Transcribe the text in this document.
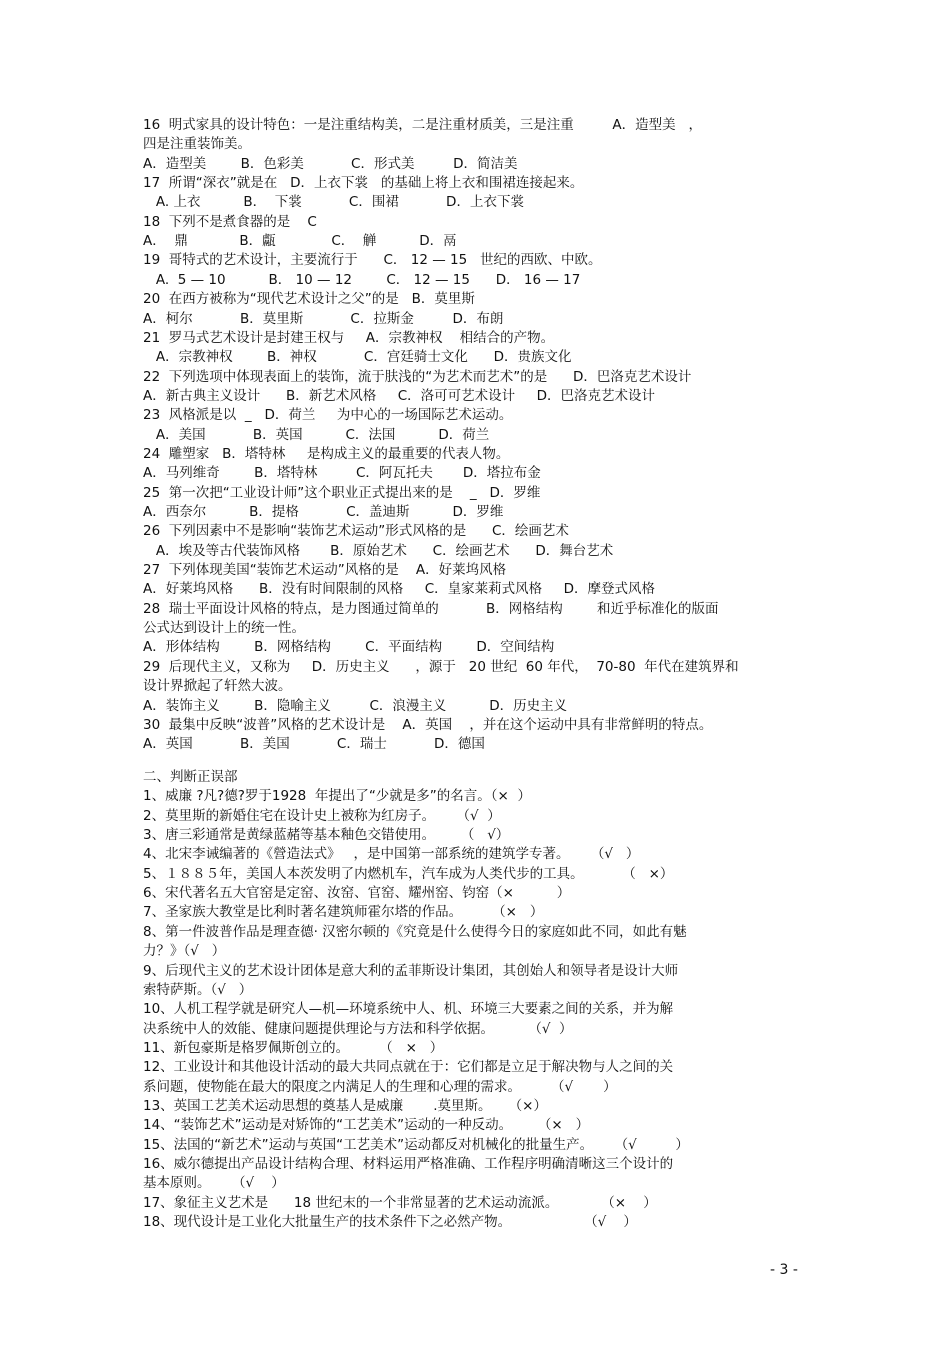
16  明式家具的设计特色：一是注重结构美，二是注重材质美，三是注重         A．造型美   ，
四是注重装饰美。
A．造型美        B．色彩美           C．形式美         D．简洁美
17  所谓“深衣”就是在   D．上衣下裳   的基础上将上衣和围裙连接起来。
A. 上衣          B．  下裳           C．围裙           D．上衣下裳
18  下列不是煮食器的是    C
A．  鼎            B．甗             C．  觯          D．鬲
19  哥特式的艺术设计，主要流行于      C． 12 — 15   世纪的西欧、中欧。
A.  5 — 10          B． 10 — 12        C． 12 — 15      D． 16 — 17
20  在西方被称为“现代艺术设计之父”的是   B．莫里斯
A．柯尔           B．莫里斯           C．拉斯金         D．布朗
21  罗马式艺术设计是封建王权与     A．宗教神权    相结合的产物。
A．宗教神权        B．神权           C．宫廷骑士文化      D．贵族文化
22  下列选项中体现表面上的装饰，流于肤浅的“为艺术而艺术”的是      D．巴洛克艺术设计
A．新古典主义设计      B．新艺术风格     C．洛可可艺术设计     D．巴洛克艺术设计
23  风格派是以  _   D．荷兰     为中心的一场国际艺术运动。
A．美国           B．英国          C．法国          D．荷兰
24  雕塑家   B．塔特林     是构成主义的最重要的代表人物。
A．马列维奇        B．塔特林         C．阿瓦托夫       D．塔拉布金
25  第一次把“工业设计师”这个职业正式提出来的是    _   D．罗维
A．西奈尔          B．提格           C．盖迪斯          D．罗维
26  下列因素中不是影响“装饰艺术运动”形式风格的是      C．绘画艺术
A．埃及等古代装饰风格       B．原始艺术      C．绘画艺术      D．舞台艺术
27  下列体现美国“装饰艺术运动”风格的是    A．好莱坞风格
A．好莱坞风格      B．没有时间限制的风格     C．皇家莱莉式风格     D．摩登式风格
28  瑞士平面设计风格的特点，是力图通过简单的           B．网格结构        和近乎标准化的版面
公式达到设计上的统一性。
A．形体结构        B．网格结构        C．平面结构        D．空间结构
29  后现代主义，又称为     D．历史主义      ，源于   20 世纪  60 年代，  70-80  年代在建筑界和
设计界掀起了轩然大波。
A．装饰主义        B．隐喻主义         C．浪漫主义          D．历史主义
30  最集中反映“波普”风格的艺术设计是    A．英国    ，并在这个运动中具有非常鲜明的特点。
A．英国           B．美国           C．瑞士           D．德国
二、判断正误部
1、威廉 ?凡?德?罗于1928  年提出了“少就是多”的名言。（×  ）
2、莫里斯的新婚住宅在设计史上被称为红房子。     （√  ）
3、唐三彩通常是黄绿蓝赭等基本釉色交错使用。      （   √）
4、北宋李诫编著的《營造法式》   ，是中国第一部系统的建筑学专著。     （√   ）
5、１８８５年，美国人本茨发明了内燃机车，汽车成为人类代步的工具。         （   ×）
6、宋代著名五大官窑是定窑、汝窑、官窑、耀州窑、钧窑（×          ）
7、圣家族大教堂是比利时著名建筑师霍尔塔的作品。       （×   ）
8、第一件波普作品是理查德· 汉密尔顿的《究竟是什么使得今日的家庭如此不同，如此有魅
力？》（√   ）
9、后现代主义的艺术设计团体是意大利的孟菲斯设计集团，其创始人和领导者是设计大师
索特萨斯。（√   ）
10、人机工程学就是研究人—机—环境系统中人、机、环境三大要素之间的关系，并为解
决系统中人的效能、健康问题提供理论与方法和科学依据。        （√  ）
11、新包豪斯是格罗佩斯创立的。       （   ×   ）
12、工业设计和其他设计活动的最大共同点就在于：它们都是立足于解决物与人之间的关
系问题，使物能在最大的限度之内满足人的生理和心理的需求。       （√       ）
13、英国工艺美术运动思想的奠基人是威廉       .莫里斯。    （×）
14、“装饰艺术”运动是对矫饰的“工艺美术”运动的一种反动。      （×   ）
15、法国的“新艺术”运动与英国“工艺美术”运动都反对机械化的批量生产。     （√         ）
16、威尔德提出产品设计结构合理、材料运用严格准确、工作程序明确清晰这三个设计的
基本原则。     （√    ）
17、象征主义艺术是      18 世纪末的一个非常显著的艺术运动流派。          （×    ）
18、现代设计是工业化大批量生产的技术条件下之必然产物。                 （√    ）
- 3 -
